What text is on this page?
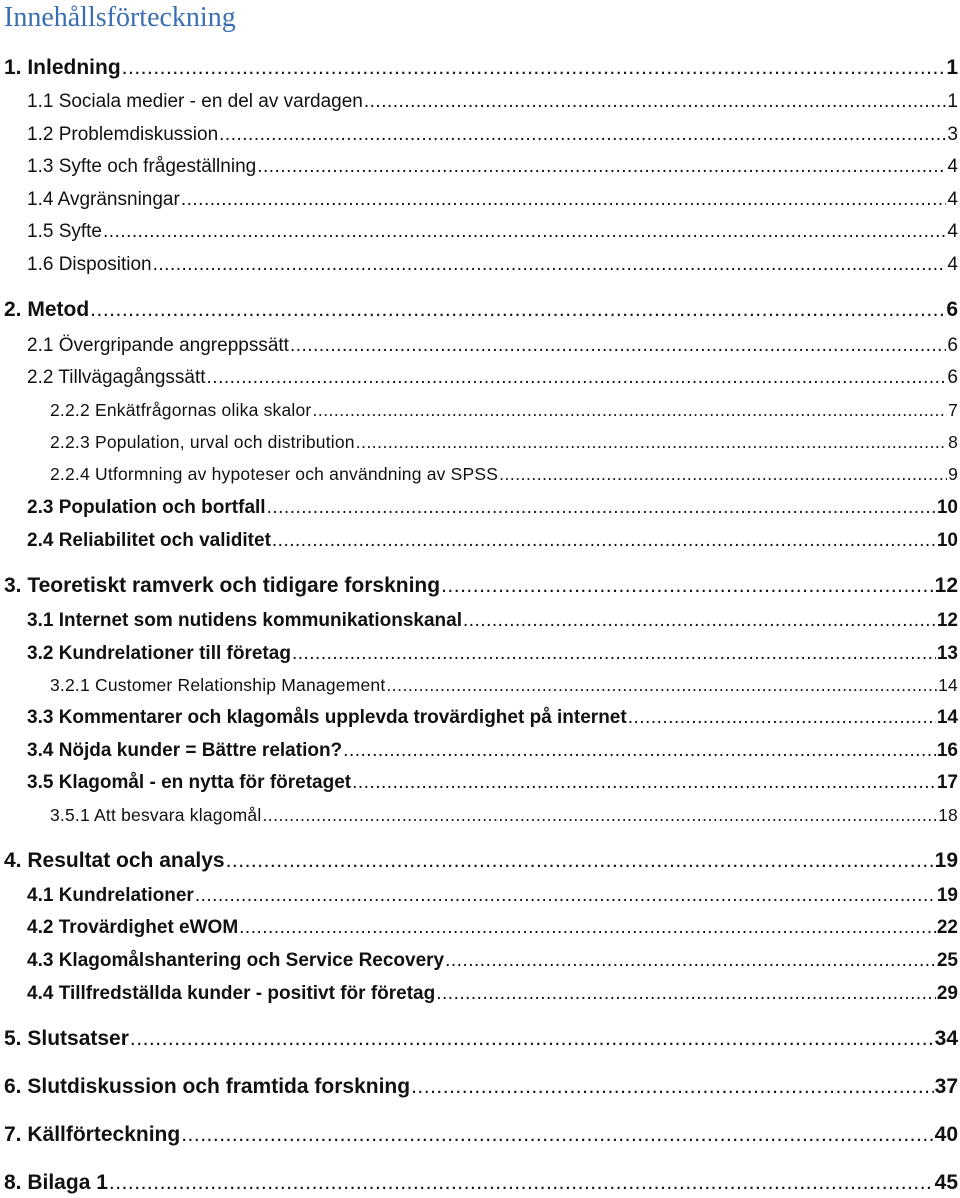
Innehållsförteckning
1. Inledning .....	1
1.1 Sociala medier - en del av vardagen .....	1
1.2 Problemdiskussion .....	3
1.3 Syfte och frågeställning .....	4
1.4 Avgränsningar .....	4
1.5 Syfte .....	4
1.6 Disposition .....	4
2. Metod .....	6
2.1 Övergripande angreppssätt .....	6
2.2 Tillvägagångssätt .....	6
2.2.2 Enkätfrågornas olika skalor .....	7
2.2.3 Population, urval och distribution .....	8
2.2.4 Utformning av hypoteser och användning av SPSS .....	9
2.3 Population och bortfall .....	10
2.4 Reliabilitet och validitet .....	10
3. Teoretiskt ramverk och tidigare forskning .....	12
3.1 Internet som nutidens kommunikationskanal .....	12
3.2 Kundrelationer till företag .....	13
3.2.1 Customer Relationship Management .....	14
3.3 Kommentarer och klagomåls upplevda trovärdighet på internet .....	14
3.4 Nöjda kunder = Bättre relation? .....	16
3.5 Klagomål - en nytta för företaget .....	17
3.5.1 Att besvara klagomål .....	18
4. Resultat och analys .....	19
4.1 Kundrelationer .....	19
4.2 Trovärdighet eWOM .....	22
4.3 Klagomålshantering och Service Recovery .....	25
4.4 Tillfredställda kunder - positivt för företag .....	29
5. Slutsatser .....	34
6. Slutdiskussion och framtida forskning .....	37
7. Källförteckning .....	40
8. Bilaga 1 .....	45
